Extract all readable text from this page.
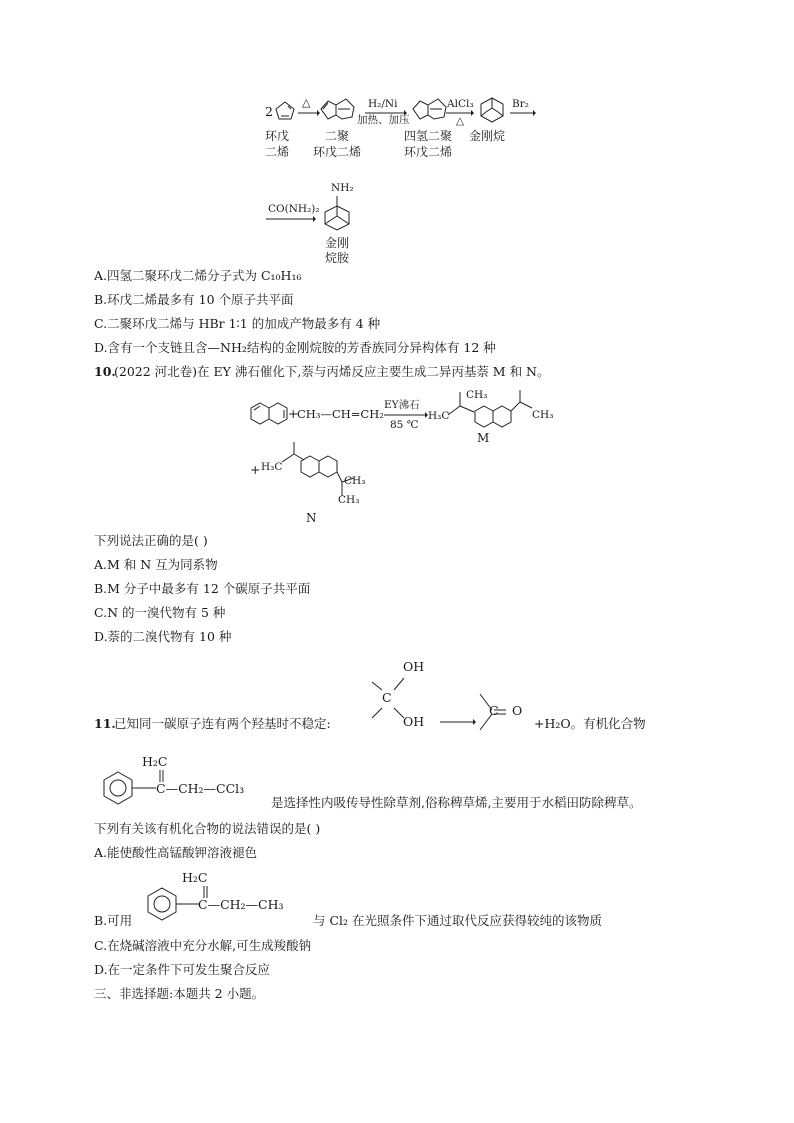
2
△	H₂/Ni
加热、加压
AlCl₃
△
Br₂
环戊
二烯
二聚
环戊二烯
四氢二聚
环戊二烯
金刚烷
CO(NH₂)₂
NH₂
金刚
烷胺
A.四氢二聚环戊二烯分子式为 C₁₀H₁₆
B.环戊二烯最多有 10 个原子共平面
C.二聚环戊二烯与 HBr 1∶1 的加成产物最多有 4 种
D.含有一个支链且含—NH₂结构的金刚烷胺的芳香族同分异构体有 12 种
10.
(2022 河北卷)在 EY 沸石催化下,萘与丙烯反应主要生成二异丙基萘 M 和 N。
+
CH₃—CH=CH₂
EY沸石
85 ℃
H₃C
CH₃
CH₃
M
+ H₃C
CH₃
CH₃
N
下列说法正确的是( )
A.M 和 N 互为同系物
B.M 分子中最多有 12 个碳原子共平面
C.N 的一溴代物有 5 种
D.萘的二溴代物有 10 种
11.
已知同一碳原子连有两个羟基时不稳定:
OH
C
OH
C O
+H₂O。有机化合物
H₂C
C—CH₂—CCl₃
是选择性内吸传导性除草剂,俗称稗草烯,主要用于水稻田防除稗草。
下列有关该有机化合物的说法错误的是( )
A.能使酸性高锰酸钾溶液褪色
B.可用
H₂C
C—CH₂—CH₃
与 Cl₂ 在光照条件下通过取代反应获得较纯的该物质
C.在烧碱溶液中充分水解,可生成羧酸钠
D.在一定条件下可发生聚合反应
三、非选择题:本题共 2 小题。
